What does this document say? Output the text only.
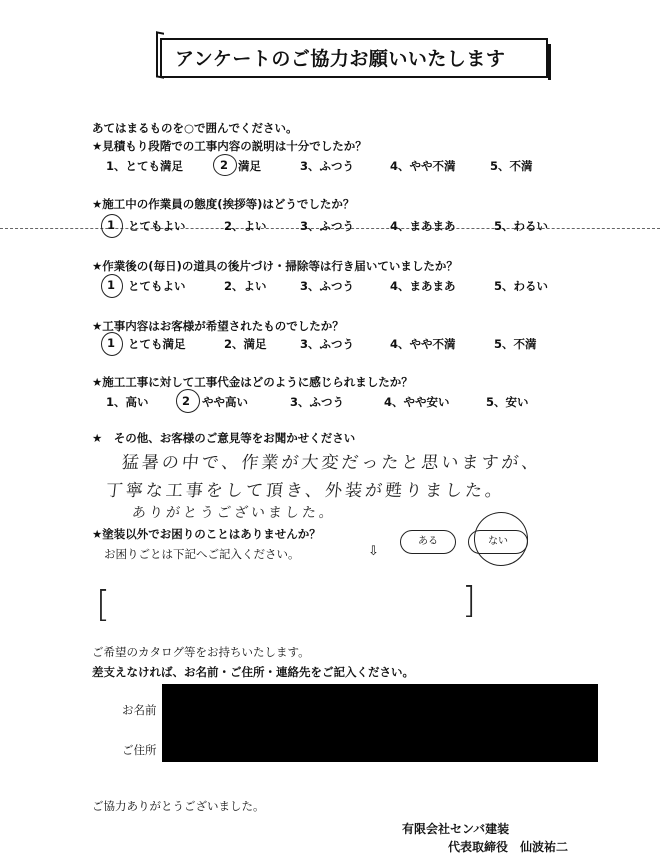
アンケートのご協力お願いいたします
あてはまるものを○で囲んでください。
★見積もり段階での工事内容の説明は十分でしたか？
1、とても満足	2 満足	3、ふつう	4、やや不満	5、不満
★施工中の作業員の態度(挨拶等)はどうでしたか？
1 とてもよい	2、よい	3、ふつう	4、まあまあ	5、わるい
★作業後の(毎日)の道具の後片づけ・掃除等は行き届いていましたか？
1 とてもよい	2、よい	3、ふつう	4、まあまあ	5、わるい
★工事内容はお客様が希望されたものでしたか？
1 とても満足	2、満足	3、ふつう	4、やや不満	5、不満
★施工工事に対して工事代金はどのように感じられましたか？
1、高い	2 やや高い	3、ふつう	4、やや安い	5、安い
★　その他、お客様のご意見等をお聞かせください
猛暑の中で、作業が大変だったと思いますが、
丁寧な工事をして頂き、外装が甦りました。
ありがとうございました。
★塗装以外でお困りのことはありませんか？
お困りごとは下記へご記入ください。	⇩
ある	ない
[	]
ご希望のカタログ等をお持ちいたします。
差支えなければ、お名前・ご住所・連絡先をご記入ください。
お名前
ご住所
ご協力ありがとうございました。
有限会社センバ建装
代表取締役　仙波祐二
